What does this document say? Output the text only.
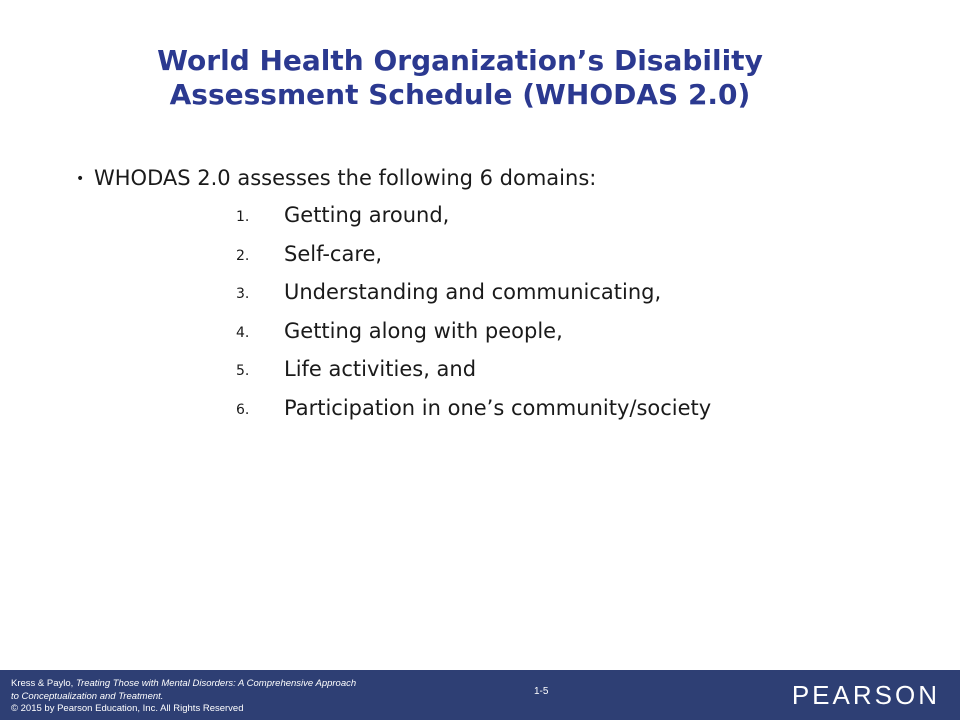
World Health Organization’s Disability
Assessment Schedule (WHODAS 2.0)
• WHODAS 2.0 assesses the following 6 domains:
1. Getting around,
2. Self-care,
3. Understanding and communicating,
4. Getting along with people,
5. Life activities, and
6. Participation in one’s community/society
Kress & Paylo, Treating Those with Mental Disorders: A Comprehensive Approach
to Conceptualization and Treatment.
© 2015 by Pearson Education, Inc. All Rights Reserved
1-5	PEARSON
